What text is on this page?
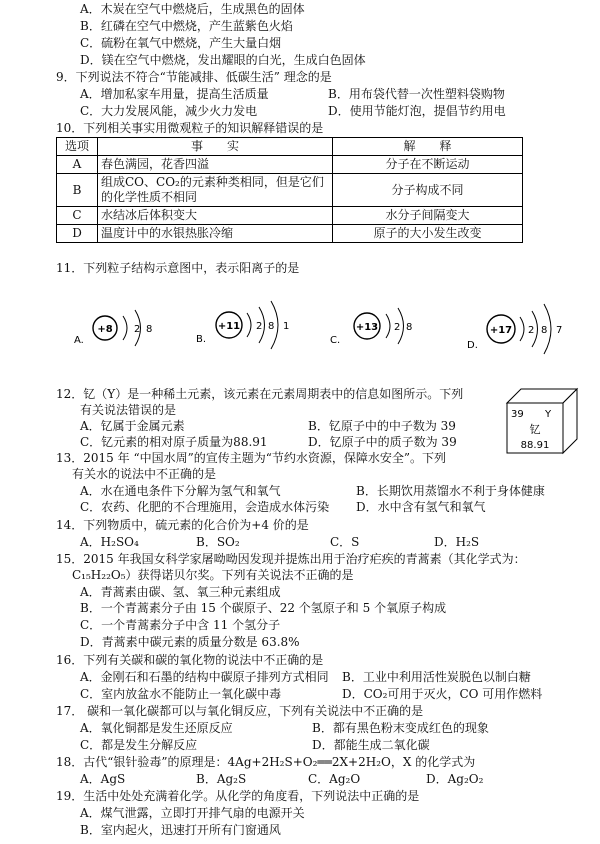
A．木炭在空气中燃烧后，生成黑色的固体
B．红磷在空气中燃烧，产生蓝紫色火焰
C．硫粉在氧气中燃烧，产生大量白烟
D．镁在空气中燃烧，发出耀眼的白光，生成白色固体
9．下列说法不符合“节能减排、低碳生活” 理念的是
A．增加私家车用量，提高生活质量	B．用布袋代替一次性塑料袋购物
C．大力发展风能，减少火力发电	D．使用节能灯泡，提倡节约用电
10．下列相关事实用微观粒子的知识解释错误的是
选项	事　　实	解　　释
A	春色满园，花香四溢	分子在不断运动
B	组成CO、CO₂的元素种类相同，但是它们的化学性质不相同	分子构成不同
C	水结冰后体积变大	水分子间隔变大
D	温度计中的水银热胀冷缩	原子的大小发生改变
11．下列粒子结构示意图中，表示阳离子的是
A.
+8 2 8
B.
+11 2 8 1
C.
+13 2 8
D.
+17 2 8 7
12．钇（Y）是一种稀土元素，该元素在元素周期表中的信息如图所示。下列
有关说法错误的是
A．钇属于金属元素	B．钇原子中的中子数为 39
C．钇元素的相对原子质量为88.91	D．钇原子中的质子数为 39
39 Y
钇
88.91
13．2015 年 “中国水周”的宣传主题为“节约水资源，保障水安全”。下列
有关水的说法中不正确的是
A．水在通电条件下分解为氢气和氧气	B．长期饮用蒸馏水不利于身体健康
C．农药、化肥的不合理施用，会造成水体污染 D．水中含有氢气和氧气
14．下列物质中，硫元素的化合价为+4 价的是
A．H₂SO₄	B．SO₂	C．S	D．H₂S
15．2015 年我国女科学家屠呦呦因发现并提炼出用于治疗疟疾的青蒿素（其化学式为：
C₁₅H₂₂O₅）获得诺贝尔奖。下列有关说法不正确的是
A．青蒿素由碳、氢、氧三种元素组成
B．一个青蒿素分子由 15 个碳原子、22 个氢原子和 5 个氧原子构成
C．一个青蒿素分子中含 11 个氢分子
D．青蒿素中碳元素的质量分数是 63.8%
16．下列有关碳和碳的氧化物的说法中不正确的是
A．金刚石和石墨的结构中碳原子排列方式相同 B．工业中利用活性炭脱色以制白糖
C．室内放盆水不能防止一氧化碳中毒	D．CO₂可用于灭火，CO 可用作燃料
17． 碳和一氧化碳都可以与氧化铜反应，下列有关说法中不正确的是
A．氧化铜都是发生还原反应	B．都有黑色粉末变成红色的现象
C．都是发生分解反应	D．都能生成二氧化碳
18．古代“银针验毒”的原理是：4Ag+2H₂S+O₂══2X+2H₂O，X 的化学式为
A．AgS	B．Ag₂S	C．Ag₂O	D．Ag₂O₂
19．生活中处处充满着化学。从化学的角度看，下列说法中正确的是
A．煤气泄露，立即打开排气扇的电源开关
B．室内起火，迅速打开所有门窗通风
